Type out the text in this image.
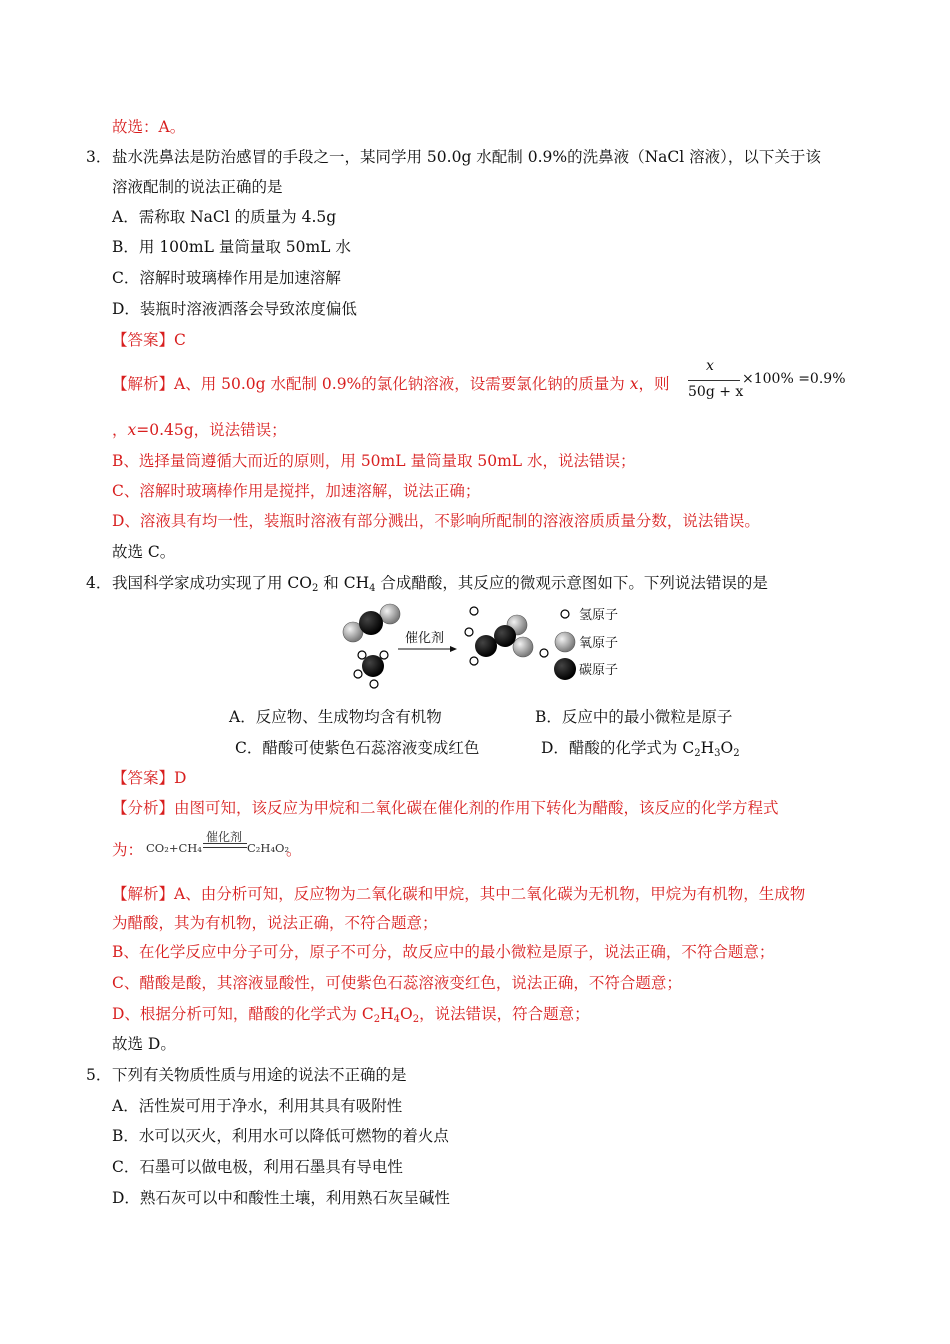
故选：A。
3． 盐水洗鼻法是防治感冒的手段之一，某同学用 50.0g 水配制 0.9%的洗鼻液（NaCl 溶液），以下关于该
溶液配制的说法正确的是
A．需称取 NaCl 的质量为 4.5g
B．用 100mL 量筒量取 50mL 水
C．溶解时玻璃棒作用是加速溶解
D．装瓶时溶液洒落会导致浓度偏低
【答案】C
【解析】A、用 50.0g 水配制 0.9%的氯化钠溶液，设需要氯化钠的质量为 x，则
x
50g + x
×100% =0.9%
，x=0.45g，说法错误；
B、选择量筒遵循大而近的原则，用 50mL 量筒量取 50mL 水，说法错误；
C、溶解时玻璃棒作用是搅拌，加速溶解，说法正确；
D、溶液具有均一性，装瓶时溶液有部分溅出，不影响所配制的溶液溶质质量分数，说法错误。
故选 C。
4． 我国科学家成功实现了用 $CO_2$ 和 $CH_4$ 合成醋酸，其反应的微观示意图如下。下列说法错误的是
催化剂
氢原子
氧原子
碳原子
A．反应物、生成物均含有机物	B．反应中的最小微粒是原子
C．醋酸可使紫色石蕊溶液变成红色	D．醋酸的化学式为 $C_2H_3O_2$
【答案】D
【分析】由图可知，该反应为甲烷和二氧化碳在催化剂的作用下转化为醋酸，该反应的化学方程式
为： CO₂+CH₄
催化剂
C₂H₄O₂
。
【解析】A、由分析可知，反应物为二氧化碳和甲烷，其中二氧化碳为无机物，甲烷为有机物，生成物
为醋酸，其为有机物，说法正确，不符合题意；
B、在化学反应中分子可分，原子不可分，故反应中的最小微粒是原子，说法正确，不符合题意；
C、醋酸是酸，其溶液显酸性，可使紫色石蕊溶液变红色，说法正确，不符合题意；
D、根据分析可知，醋酸的化学式为 $C_2H_4O_2$，说法错误，符合题意；
故选 D。
5． 下列有关物质性质与用途的说法不正确的是
A．活性炭可用于净水，利用其具有吸附性
B．水可以灭火，利用水可以降低可燃物的着火点
C．石墨可以做电极，利用石墨具有导电性
D．熟石灰可以中和酸性土壤，利用熟石灰呈碱性
